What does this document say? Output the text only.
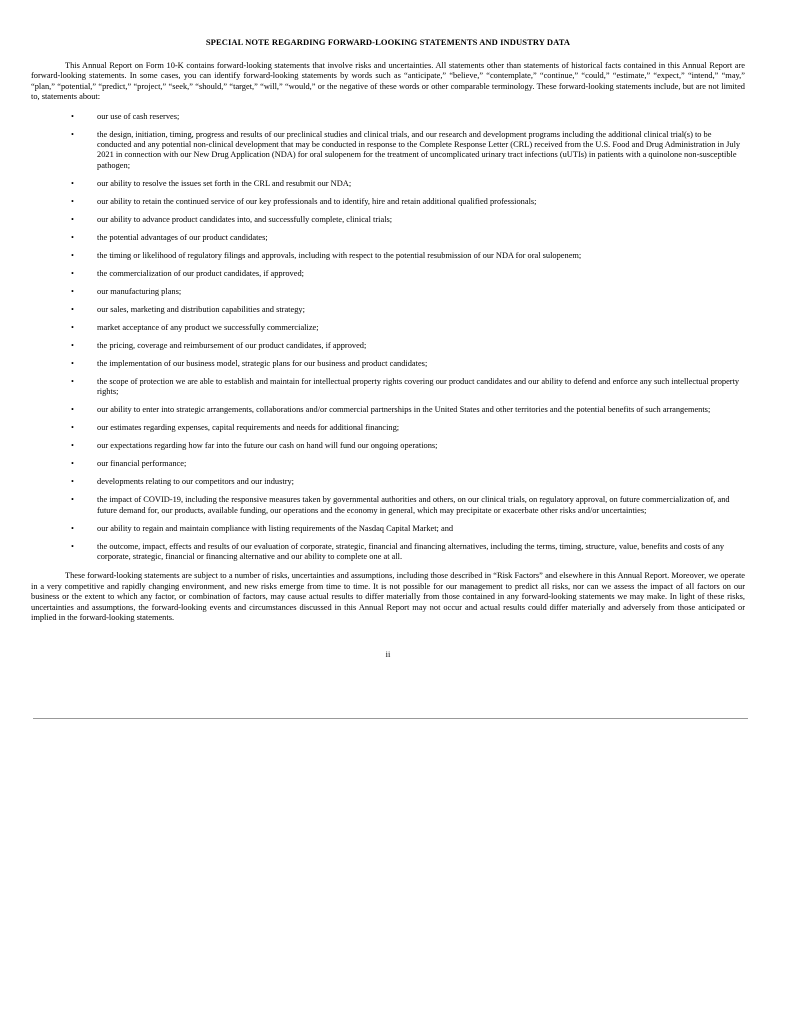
SPECIAL NOTE REGARDING FORWARD-LOOKING STATEMENTS AND INDUSTRY DATA

This Annual Report on Form 10-K contains forward-looking statements that involve risks and uncertainties. All statements other than statements of historical facts contained in this Annual Report are forward-looking statements. In some cases, you can identify forward-looking statements by words such as “anticipate,” “believe,” “contemplate,” “continue,” “could,” “estimate,” “expect,” “intend,” “may,” “plan,” “potential,” “predict,” “project,” “seek,” “should,” “target,” “will,” “would,” or the negative of these words or other comparable terminology. These forward-looking statements include, but are not limited to, statements about:

•	our use of cash reserves;
•	the design, initiation, timing, progress and results of our preclinical studies and clinical trials, and our research and development programs including the additional clinical trial(s) to be conducted and any potential non-clinical development that may be conducted in response to the Complete Response Letter (CRL) received from the U.S. Food and Drug Administration in July 2021 in connection with our New Drug Application (NDA) for oral sulopenem for the treatment of uncomplicated urinary tract infections (uUTIs) in patients with a quinolone non-susceptible pathogen;
•	our ability to resolve the issues set forth in the CRL and resubmit our NDA;
•	our ability to retain the continued service of our key professionals and to identify, hire and retain additional qualified professionals;
•	our ability to advance product candidates into, and successfully complete, clinical trials;
•	the potential advantages of our product candidates;
•	the timing or likelihood of regulatory filings and approvals, including with respect to the potential resubmission of our NDA for oral sulopenem;
•	the commercialization of our product candidates, if approved;
•	our manufacturing plans;
•	our sales, marketing and distribution capabilities and strategy;
•	market acceptance of any product we successfully commercialize;
•	the pricing, coverage and reimbursement of our product candidates, if approved;
•	the implementation of our business model, strategic plans for our business and product candidates;
•	the scope of protection we are able to establish and maintain for intellectual property rights covering our product candidates and our ability to defend and enforce any such intellectual property rights;
•	our ability to enter into strategic arrangements, collaborations and/or commercial partnerships in the United States and other territories and the potential benefits of such arrangements;
•	our estimates regarding expenses, capital requirements and needs for additional financing;
•	our expectations regarding how far into the future our cash on hand will fund our ongoing operations;
•	our financial performance;
•	developments relating to our competitors and our industry;
•	the impact of COVID-19, including the responsive measures taken by governmental authorities and others, on our clinical trials, on regulatory approval, on future commercialization of, and future demand for, our products, available funding, our operations and the economy in general, which may precipitate or exacerbate other risks and/or uncertainties;
•	our ability to regain and maintain compliance with listing requirements of the Nasdaq Capital Market; and
•	the outcome, impact, effects and results of our evaluation of corporate, strategic, financial and financing alternatives, including the terms, timing, structure, value, benefits and costs of any corporate, strategic, financial or financing alternative and our ability to complete one at all.

These forward-looking statements are subject to a number of risks, uncertainties and assumptions, including those described in “Risk Factors” and elsewhere in this Annual Report. Moreover, we operate in a very competitive and rapidly changing environment, and new risks emerge from time to time. It is not possible for our management to predict all risks, nor can we assess the impact of all factors on our business or the extent to which any factor, or combination of factors, may cause actual results to differ materially from those contained in any forward-looking statements we may make. In light of these risks, uncertainties and assumptions, the forward-looking events and circumstances discussed in this Annual Report may not occur and actual results could differ materially and adversely from those anticipated or implied in the forward-looking statements.

ii
